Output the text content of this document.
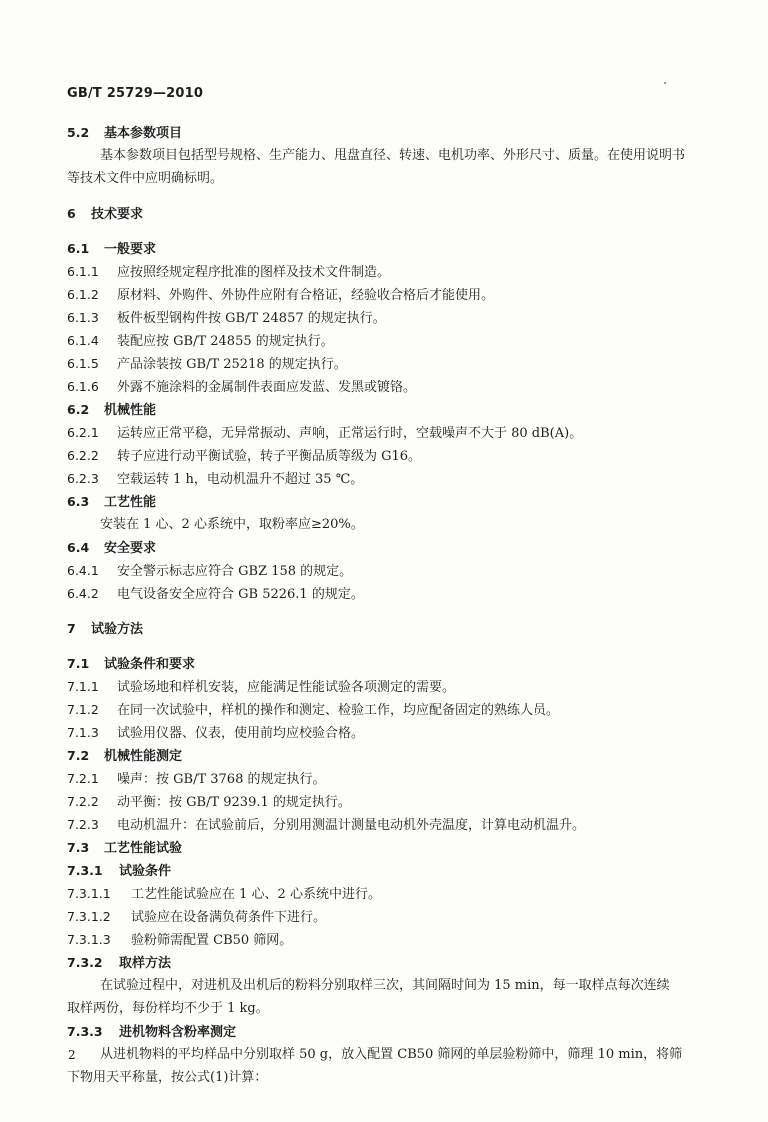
GB/T 25729—2010
5.2 基本参数项目
基本参数项目包括型号规格、生产能力、甩盘直径、转速、电机功率、外形尺寸、质量。在使用说明书
等技术文件中应明确标明。
6 技术要求
6.1 一般要求
6.1.1 应按照经规定程序批准的图样及技术文件制造。
6.1.2 原材料、外购件、外协件应附有合格证，经验收合格后才能使用。
6.1.3 板件板型钢构件按 GB/T 24857 的规定执行。
6.1.4 装配应按 GB/T 24855 的规定执行。
6.1.5 产品涂装按 GB/T 25218 的规定执行。
6.1.6 外露不施涂料的金属制件表面应发蓝、发黑或镀铬。
6.2 机械性能
6.2.1 运转应正常平稳，无异常振动、声响，正常运行时，空载噪声不大于 80 dB(A)。
6.2.2 转子应进行动平衡试验，转子平衡品质等级为 G16。
6.2.3 空载运转 1 h，电动机温升不超过 35 ℃。
6.3 工艺性能
安装在 1 心、2 心系统中，取粉率应≥20%。
6.4 安全要求
6.4.1 安全警示标志应符合 GBZ 158 的规定。
6.4.2 电气设备安全应符合 GB 5226.1 的规定。
7 试验方法
7.1 试验条件和要求
7.1.1 试验场地和样机安装，应能满足性能试验各项测定的需要。
7.1.2 在同一次试验中，样机的操作和测定、检验工作，均应配备固定的熟练人员。
7.1.3 试验用仪器、仪表，使用前均应校验合格。
7.2 机械性能测定
7.2.1 噪声：按 GB/T 3768 的规定执行。
7.2.2 动平衡：按 GB/T 9239.1 的规定执行。
7.2.3 电动机温升：在试验前后，分别用测温计测量电动机外壳温度，计算电动机温升。
7.3 工艺性能试验
7.3.1 试验条件
7.3.1.1 工艺性能试验应在 1 心、2 心系统中进行。
7.3.1.2 试验应在设备满负荷条件下进行。
7.3.1.3 验粉筛需配置 CB50 筛网。
7.3.2 取样方法
在试验过程中，对进机及出机后的粉料分别取样三次，其间隔时间为 15 min，每一取样点每次连续
取样两份，每份样均不少于 1 kg。
7.3.3 进机物料含粉率测定
从进机物料的平均样品中分别取样 50 g，放入配置 CB50 筛网的单层验粉筛中，筛理 10 min，将筛
下物用天平称量，按公式(1)计算：
2
